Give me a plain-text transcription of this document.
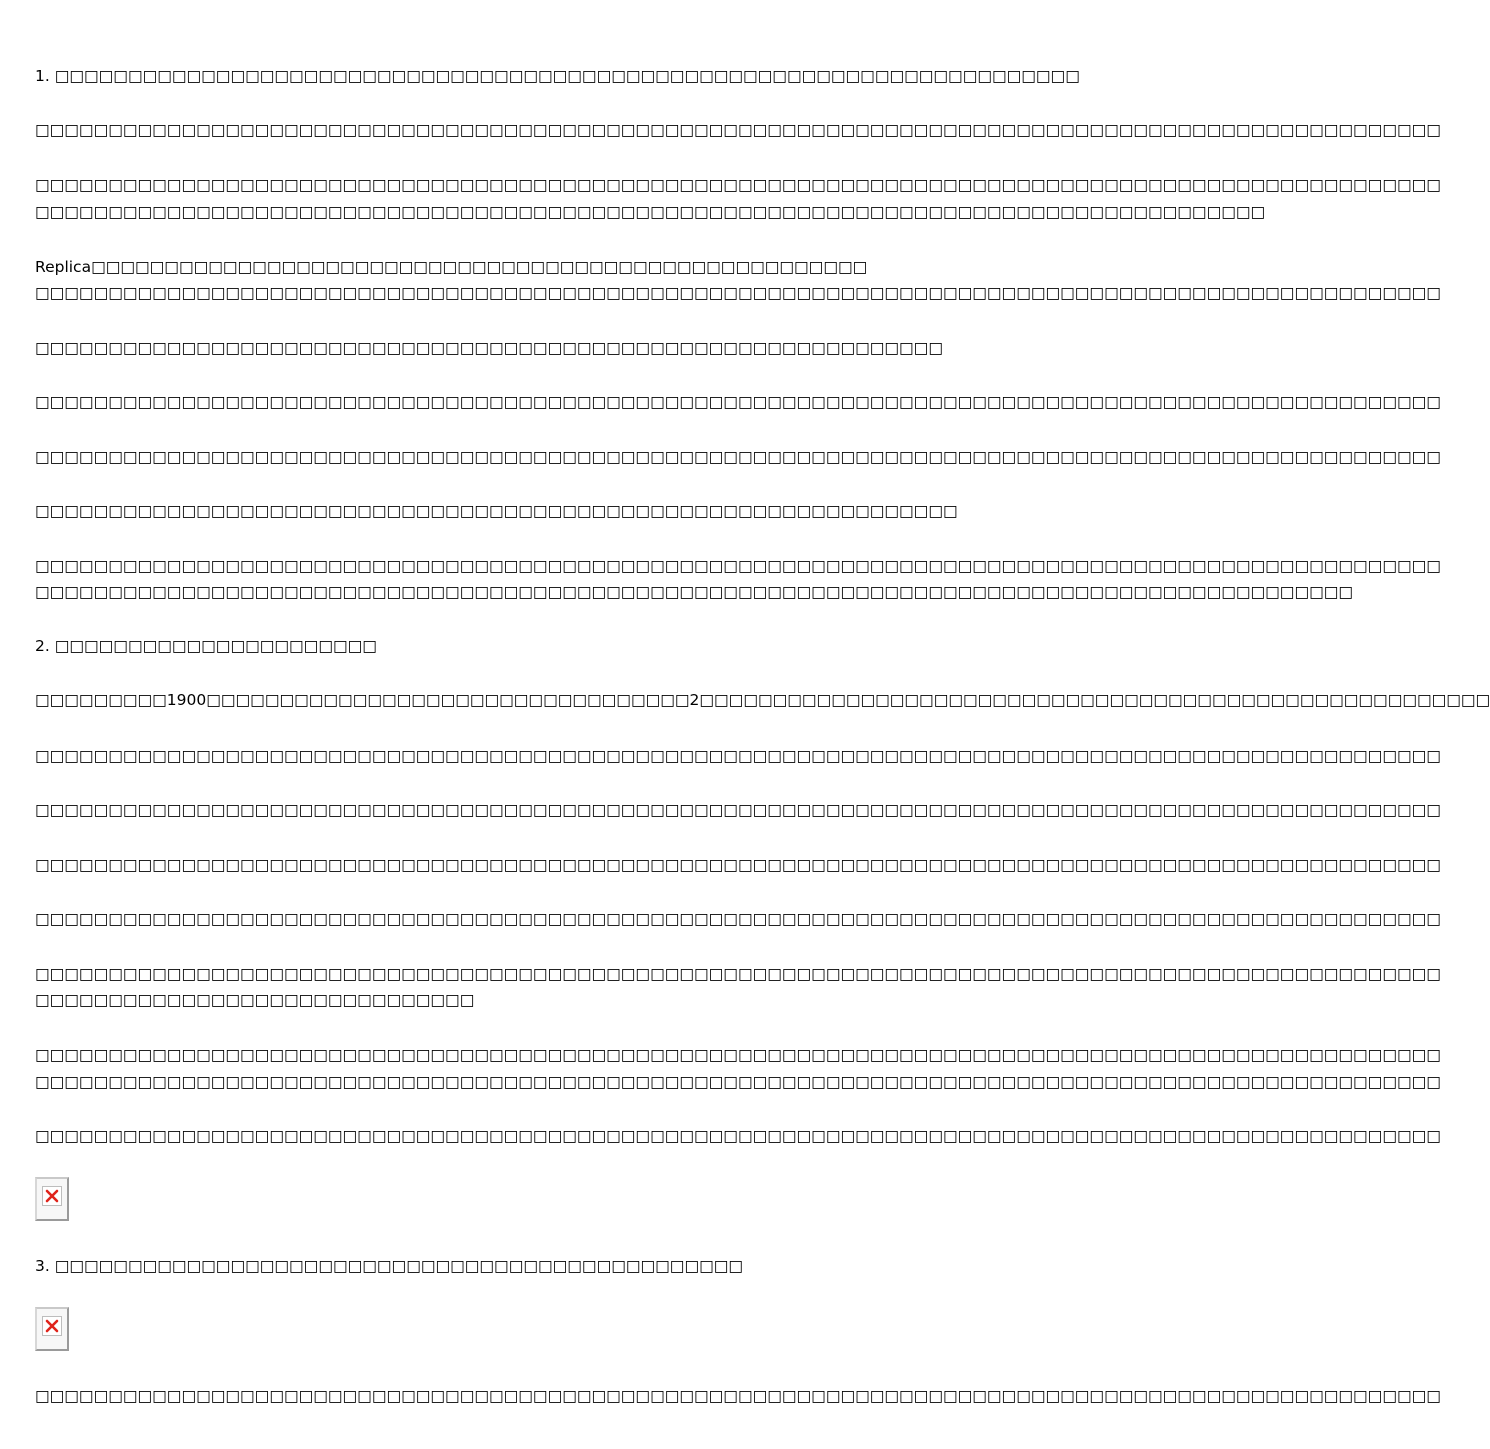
1. □□□□□□□□□□□□□□□□□□□□□□□□□□□□□□□□□□□□□□□□□□□□□□□□□□□□□□□□□□□□□□□□□□□□□□
□□□□□□□□□□□□□□□□□□□□□□□□□□□□□□□□□□□□□□□□□□□□□□□□□□□□□□□□□□□□□□□□□□□□□□□□□□□□□□□□□□□□□□□□□□□□□□□□
□□□□□□□□□□□□□□□□□□□□□□□□□□□□□□□□□□□□□□□□□□□□□□□□□□□□□□□□□□□□□□□□□□□□□□□□□□□□□□□□□□□□□□□□□□□□□□□□
□□□□□□□□□□□□□□□□□□□□□□□□□□□□□□□□□□□□□□□□□□□□□□□□□□□□□□□□□□□□□□□□□□□□□□□□□□□□□□□□□□□□
Replica□□□□□□□□□□□□□□□□□□□□□□□□□□□□□□□□□□□□□□□□□□□□□□□□□□□□□
□□□□□□□□□□□□□□□□□□□□□□□□□□□□□□□□□□□□□□□□□□□□□□□□□□□□□□□□□□□□□□□□□□□□□□□□□□□□□□□□□□□□□□□□□□□□□□□□
□□□□□□□□□□□□□□□□□□□□□□□□□□□□□□□□□□□□□□□□□□□□□□□□□□□□□□□□□□□□□□
□□□□□□□□□□□□□□□□□□□□□□□□□□□□□□□□□□□□□□□□□□□□□□□□□□□□□□□□□□□□□□□□□□□□□□□□□□□□□□□□□□□□□□□□□□□□□□□□
□□□□□□□□□□□□□□□□□□□□□□□□□□□□□□□□□□□□□□□□□□□□□□□□□□□□□□□□□□□□□□□□□□□□□□□□□□□□□□□□□□□□□□□□□□□□□□□□
□□□□□□□□□□□□□□□□□□□□□□□□□□□□□□□□□□□□□□□□□□□□□□□□□□□□□□□□□□□□□□□
□□□□□□□□□□□□□□□□□□□□□□□□□□□□□□□□□□□□□□□□□□□□□□□□□□□□□□□□□□□□□□□□□□□□□□□□□□□□□□□□□□□□□□□□□□□□□□□□
□□□□□□□□□□□□□□□□□□□□□□□□□□□□□□□□□□□□□□□□□□□□□□□□□□□□□□□□□□□□□□□□□□□□□□□□□□□□□□□□□□□□□□□□□□
2. □□□□□□□□□□□□□□□□□□□□□□
□□□□□□□□□1900□□□□□□□□□□□□□□□□□□□□□□□□□□□□□□□□□2□□□□□□□□□□□□□□□□□□□□□□□□□□□□□□□□□□□□□□□□□□□□□□□□□□□□□□
□□□□□□□□□□□□□□□□□□□□□□□□□□□□□□□□□□□□□□□□□□□□□□□□□□□□□□□□□□□□□□□□□□□□□□□□□□□□□□□□□□□□□□□□□□□□□□□□
□□□□□□□□□□□□□□□□□□□□□□□□□□□□□□□□□□□□□□□□□□□□□□□□□□□□□□□□□□□□□□□□□□□□□□□□□□□□□□□□□□□□□□□□□□□□□□□□
□□□□□□□□□□□□□□□□□□□□□□□□□□□□□□□□□□□□□□□□□□□□□□□□□□□□□□□□□□□□□□□□□□□□□□□□□□□□□□□□□□□□□□□□□□□□□□□□
□□□□□□□□□□□□□□□□□□□□□□□□□□□□□□□□□□□□□□□□□□□□□□□□□□□□□□□□□□□□□□□□□□□□□□□□□□□□□□□□□□□□□□□□□□□□□□□□
□□□□□□□□□□□□□□□□□□□□□□□□□□□□□□□□□□□□□□□□□□□□□□□□□□□□□□□□□□□□□□□□□□□□□□□□□□□□□□□□□□□□□□□□□□□□□□□□
□□□□□□□□□□□□□□□□□□□□□□□□□□□□□□
□□□□□□□□□□□□□□□□□□□□□□□□□□□□□□□□□□□□□□□□□□□□□□□□□□□□□□□□□□□□□□□□□□□□□□□□□□□□□□□□□□□□□□□□□□□□□□□□
□□□□□□□□□□□□□□□□□□□□□□□□□□□□□□□□□□□□□□□□□□□□□□□□□□□□□□□□□□□□□□□□□□□□□□□□□□□□□□□□□□□□□□□□□□□□□□□□
□□□□□□□□□□□□□□□□□□□□□□□□□□□□□□□□□□□□□□□□□□□□□□□□□□□□□□□□□□□□□□□□□□□□□□□□□□□□□□□□□□□□□□□□□□□□□□□□
3. □□□□□□□□□□□□□□□□□□□□□□□□□□□□□□□□□□□□□□□□□□□□□□□
□□□□□□□□□□□□□□□□□□□□□□□□□□□□□□□□□□□□□□□□□□□□□□□□□□□□□□□□□□□□□□□□□□□□□□□□□□□□□□□□□□□□□□□□□□□□□□□□
